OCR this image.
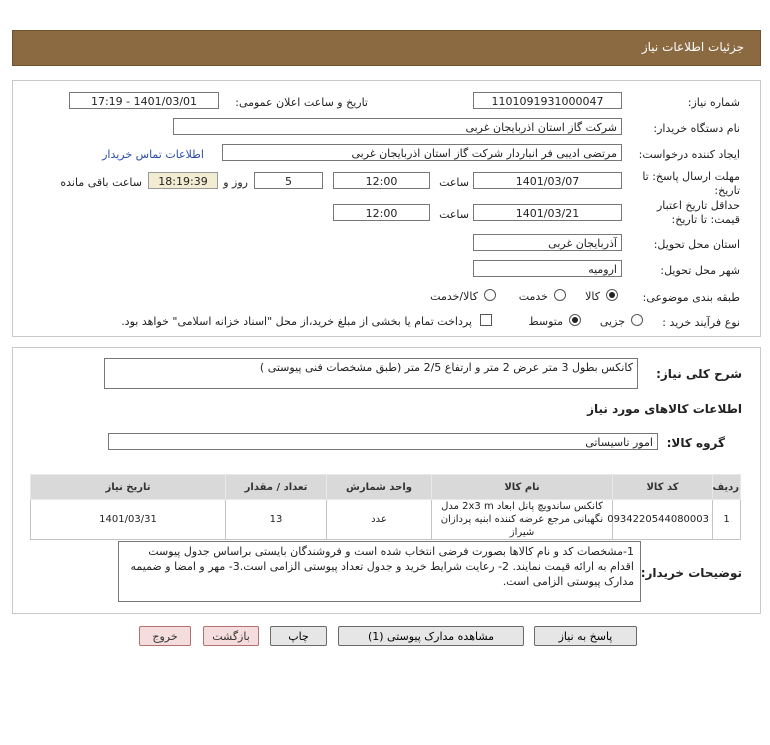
جزئیات اطلاعات نیاز
شماره نیاز:
1101091931000047
تاریخ و ساعت اعلان عمومی:
1401/03/01 - 17:19
نام دستگاه خریدار:
شرکت گاز استان اذربایجان غربی
ایجاد کننده درخواست:
مرتضی ادیبی فر انباردار شرکت گاز استان اذربایجان غربی
اطلاعات تماس خریدار
مهلت ارسال پاسخ: تا تاریخ:
1401/03/07
ساعت
12:00
5
روز و
18:19:39
ساعت باقی مانده
حداقل تاریخ اعتبار قیمت: تا تاریخ:
1401/03/21
ساعت
12:00
استان محل تحویل:
آذربایجان غربی
شهر محل تحویل:
ارومیه
طبقه بندی موضوعی:
کالا
خدمت
کالا/خدمت
نوع فرآیند خرید :
جزیی
متوسط
پرداخت تمام یا بخشی از مبلغ خرید،از محل "اسناد خزانه اسلامی" خواهد بود.
شرح کلی نیاز:
کانکس بطول 3 متر عرض 2 متر و ارتفاع 2/5 متر (طبق مشخصات فنی پیوستی )
اطلاعات کالاهای مورد نیاز
گروه کالا:
امور تاسیساتی
ردیف	کد کالا	نام کالا	واحد شمارش	تعداد / مقدار	تاریخ نیاز
1	0934220544080003	کانکس ساندویچ پانل ابعاد 2x3 m مدل نگهبانی مرجع عرضه کننده ابنیه پردازان شیراز	عدد	13	1401/03/31
توضیحات خریدار:
1-مشخصات کد و نام کالاها بصورت فرضی انتخاب شده است و فروشندگان بایستی براساس جدول پیوست اقدام به ارائه قیمت نمایند. 2- رعایت شرایط خرید و جدول تعداد پیوستی الزامی است.3- مهر و امضا و ضمیمه مدارک پیوستی الزامی است.
پاسخ به نیاز
مشاهده مدارک پیوستی (1)
چاپ
بازگشت
خروج
